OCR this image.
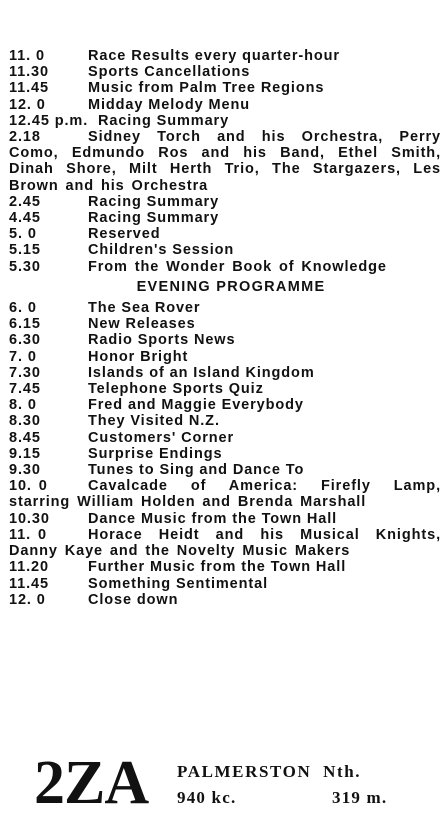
11. 0	Race Results every quarter-hour
11.30	Sports Cancellations
11.45	Music from Palm Tree Regions
12. 0	Midday Melody Menu
12.45 p.m.  Racing Summary
2.18	Sidney Torch and his Orchestra, Perry Como, Edmundo Ros and his Band, Ethel Smith, Dinah Shore, Milt Herth Trio, The Stargazers, Les Brown and his Orchestra
2.45	Racing Summary
4.45	Racing Summary
5. 0	Reserved
5.15	Children's Session
5.30	From the Wonder Book of Knowledge
EVENING PROGRAMME
6. 0	The Sea Rover
6.15	New Releases
6.30	Radio Sports News
7. 0	Honor Bright
7.30	Islands of an Island Kingdom
7.45	Telephone Sports Quiz
8. 0	Fred and Maggie Everybody
8.30	They Visited N.Z.
8.45	Customers' Corner
9.15	Surprise Endings
9.30	Tunes to Sing and Dance To
10. 0	Cavalcade of America: Firefly Lamp, starring William Holden and Brenda Marshall
10.30	Dance Music from the Town Hall
11. 0	Horace Heidt and his Musical Knights, Danny Kaye and the Novelty Music Makers
11.20	Further Music from the Town Hall
11.45	Something Sentimental
12. 0	Close down
2ZA PALMERSTON  Nth.
940 kc.	319 m.
